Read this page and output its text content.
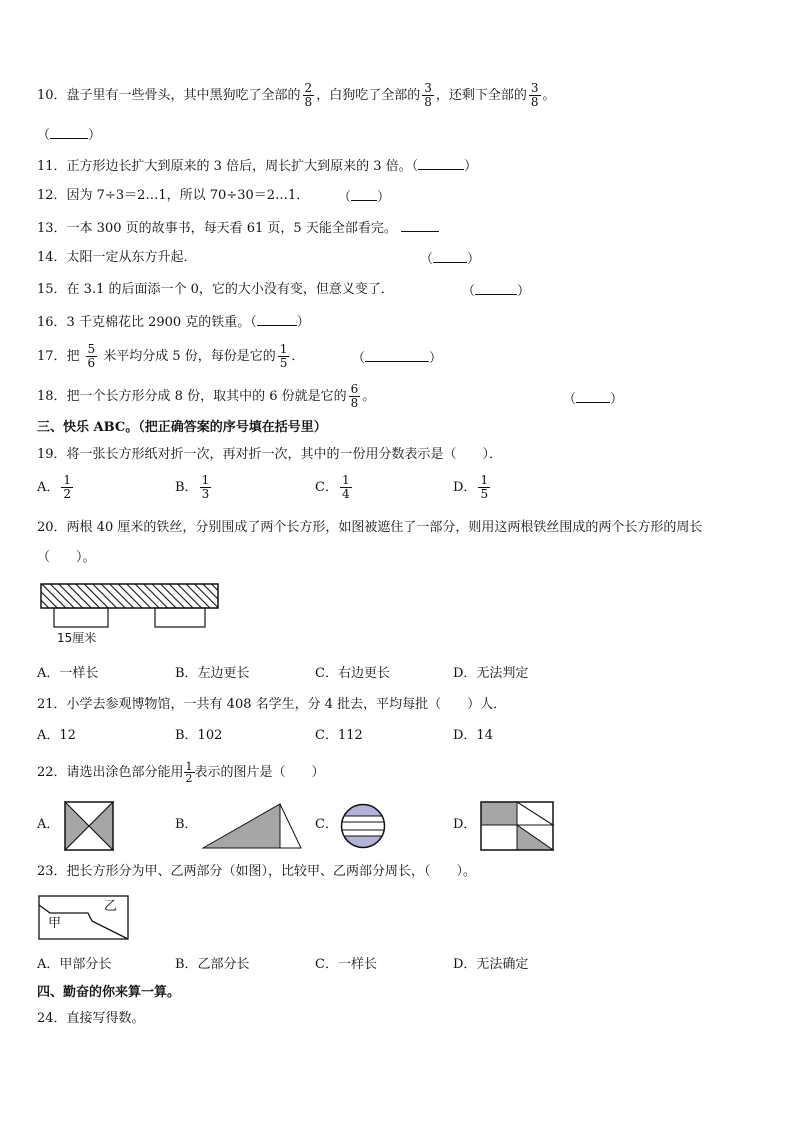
10．盘子里有一些骨头，其中黑狗吃了全部的 $\frac{2}{8}$ ，白狗吃了全部的 $\frac{3}{8}$ ，还剩下全部的 $\frac{3}{8}$ 。
（	）
11．正方形边长扩大到原来的 3 倍后，周长扩大到原来的 3 倍。（	）
12．因为 7÷3＝2…1，所以 70÷30＝2…1． （ ）
13．一本 300 页的故事书，每天看 61 页，5 天能全部看完。
14．太阳一定从东方升起．	（	）
15．在 3.1 的后面添一个 0，它的大小没有变，但意义变了．	（	）
16．3 千克棉花比 2900 克的铁重。（	）
17．把 $\frac{5}{6}$ 米平均分成 5 份，每份是它的 $\frac{1}{5}$ ．	（	）
18．把一个长方形分成 8 份，取其中的 6 份就是它的 $\frac{6}{8}$ 。	（	）
三、快乐 ABC。（把正确答案的序号填在括号里）
19．将一张长方形纸对折一次，再对折一次，其中的一份用分数表示是（　　）．
A． $\frac{1}{2}$	B． $\frac{1}{3}$	C． $\frac{1}{4}$	D． $\frac{1}{5}$
20．两根 40 厘米的铁丝，分别围成了两个长方形，如图被遮住了一部分，则用这两根铁丝围成的两个长方形的周长
（　　）。
15厘米
A．一样长	B．左边更长	C．右边更长	D．无法判定
21．小学去参观博物馆，一共有 408 名学生，分 4 批去，平均每批（　　）人．
A．12	B．102	C．112	D．14
22．请选出涂色部分能用 $\frac{1}{2}$ 表示的图片是（　　）
A．	B．	C．	D．
23．把长方形分为甲、乙两部分（如图），比较甲、乙两部分周长，（　　）。
甲
乙
A．甲部分长	B．乙部分长	C．一样长	D．无法确定
四、勤奋的你来算一算。
24．直接写得数。
